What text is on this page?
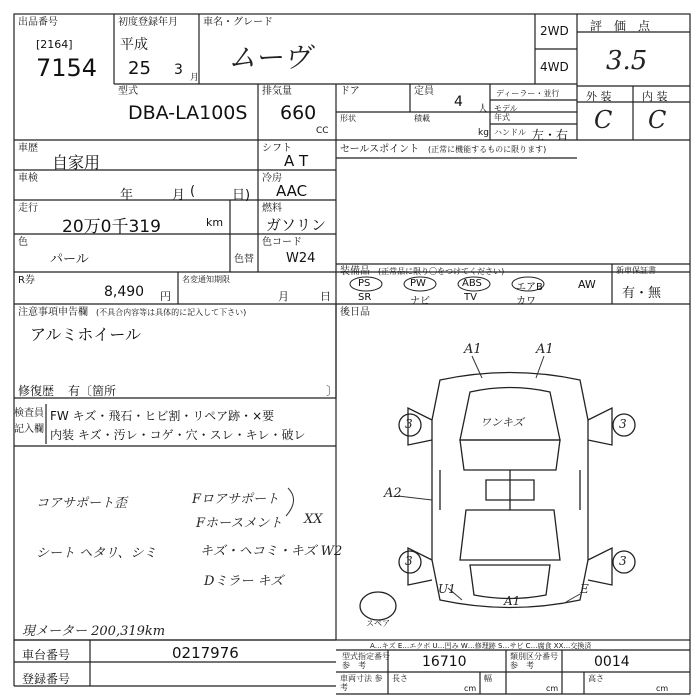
出品番号
[2164]
7154
初度登録年月
平成
25 3 月
車名・グレード
ムーヴ
2WD
4WD
評　価　点
3.5
外 装	内 装
C C
型式
DBA-LA100S
排気量
660
CC
ドア	定員
4 人
ディーラー・並行
形状	積載
kg
モデル 年式
ハンドル 左・右
車歴
自家用
シフト
A T
セールスポイント (正常に機能するものに限ります)
車検
年	月 (	日)
冷房
AAC
走行
20万0千319	km
燃料
ガソリン
色
パール	色替
色コード
W24
装備品 (正常品に限り〇をつけてください)
PS	PW	ABS	エアB	AW
SR	ナビ	TV	カワ
新車保証書
有・無
R券
8,490 円
名変通知期限
月	日
注意事項申告欄 (不具合内容等は具体的に記入して下さい)
アルミホイール
後日品
修復歴 有〔箇所	〕
検査員
記入欄
FW キズ・飛石・ヒビ割・リペア跡・×要
内装 キズ・汚レ・コゲ・穴・スレ・キレ・破レ
コアサポート歪
シート ヘタリ、シミ
Fロアサポート
Fホースメント XX
キズ・ヘコミ・キズ W2
Dミラー キズ
現メーター 200,319km
A1	A1
A2
3	3
3	3
U1
A1
E
ワンキズ
スペア
A…キズ E…エクボ U…凹み W…修理跡 S…サビ C…腐食 XX…交換済
車台番号	0217976
登録番号
型式指定番号
参　考	16710	類別区分番号
参　考	0014
車両寸法 参　考
長さ
cm
幅
cm
高さ
cm
